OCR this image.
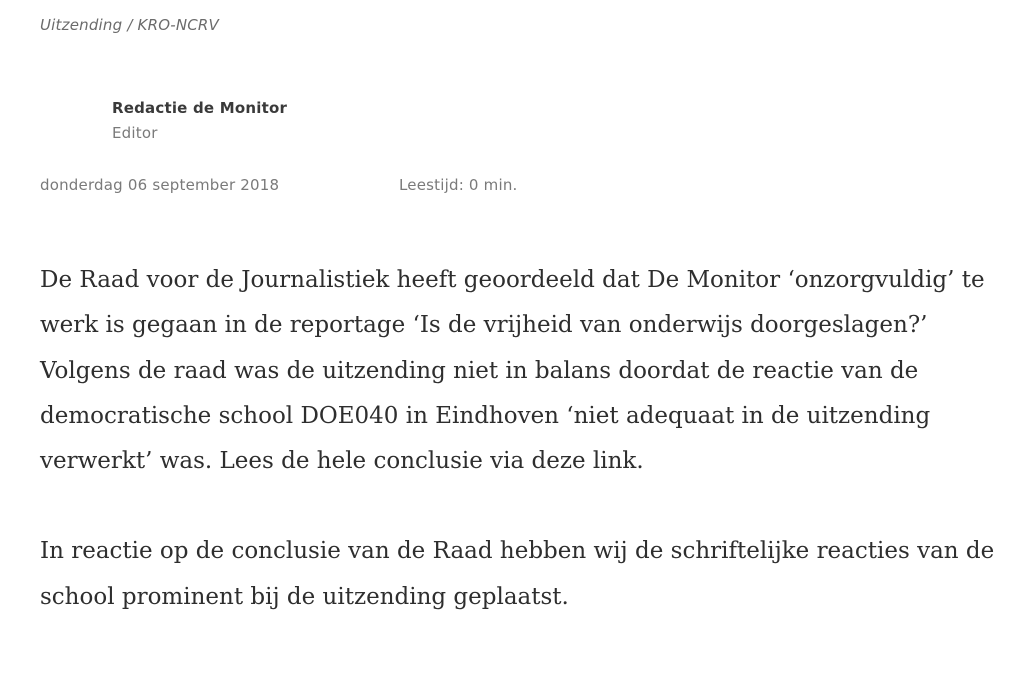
Uitzending / KRO-NCRV
Redactie de Monitor
Editor
donderdag 06 september 2018	Leestijd: 0 min.

De Raad voor de Journalistiek heeft geoordeeld dat De Monitor ‘onzorgvuldig’ te werk is gegaan in de reportage ‘Is de vrijheid van onderwijs doorgeslagen?’ Volgens de raad was de uitzending niet in balans doordat de reactie van de democratische school DOE040 in Eindhoven ‘niet adequaat in de uitzending verwerkt’ was. Lees de hele conclusie via deze link.

In reactie op de conclusie van de Raad hebben wij de schriftelijke reacties van de school prominent bij de uitzending geplaatst.
